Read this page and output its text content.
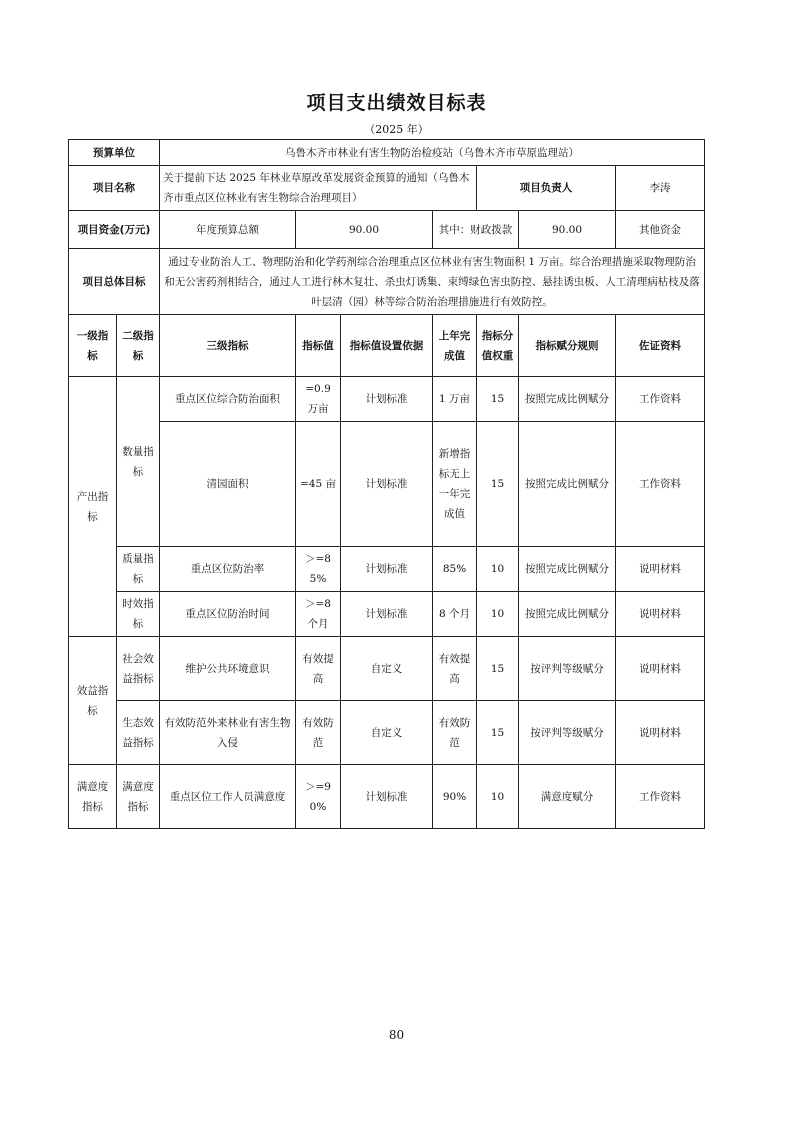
项目支出绩效目标表
（2025 年）
预算单位		乌鲁木齐市林业有害生物防治检疫站（乌鲁木齐市草原监理站）						
项目名称		关于提前下达 2025 年林业草原改革发展资金预算的通知（乌鲁木齐市重点区位林业有害生物综合治理项目）				项目负责人		李涛
项目资金(万元)		年度预算总额	90.00		其中：财政拨款		90.00	其他资金
项目总体目标		通过专业防治人工、物理防治和化学药剂综合治理重点区位林业有害生物面积 1 万亩。综合治理措施采取物理防治和无公害药剂相结合，通过人工进行林木复壮、杀虫灯诱集、束缚绿色害虫防控、悬挂诱虫板、人工清理病枯枝及落叶层清（园）林等综合防治治理措施进行有效防控。						
一级指标	二级指标	三级指标	指标值	指标值设置依据	上年完成值	指标分值权重	指标赋分规则	佐证资料
产出指标	数量指标	重点区位综合防治面积	=0.9 万亩	计划标准	1 万亩	15	按照完成比例赋分	工作资料
		清园面积	=45 亩	计划标准	新增指标无上一年完成值	15	按照完成比例赋分	工作资料
	质量指标	重点区位防治率	＞=85%	计划标准	85%	10	按照完成比例赋分	说明材料
	时效指标	重点区位防治时间	＞=8 个月	计划标准	8 个月	10	按照完成比例赋分	说明材料
效益指标	社会效益指标	维护公共环境意识	有效提高	自定义	有效提高	15	按评判等级赋分	说明材料
	生态效益指标	有效防范外来林业有害生物入侵	有效防范	自定义	有效防范	15	按评判等级赋分	说明材料
满意度指标	满意度指标	重点区位工作人员满意度	＞=90%	计划标准	90%	10	满意度赋分	工作资料
80
